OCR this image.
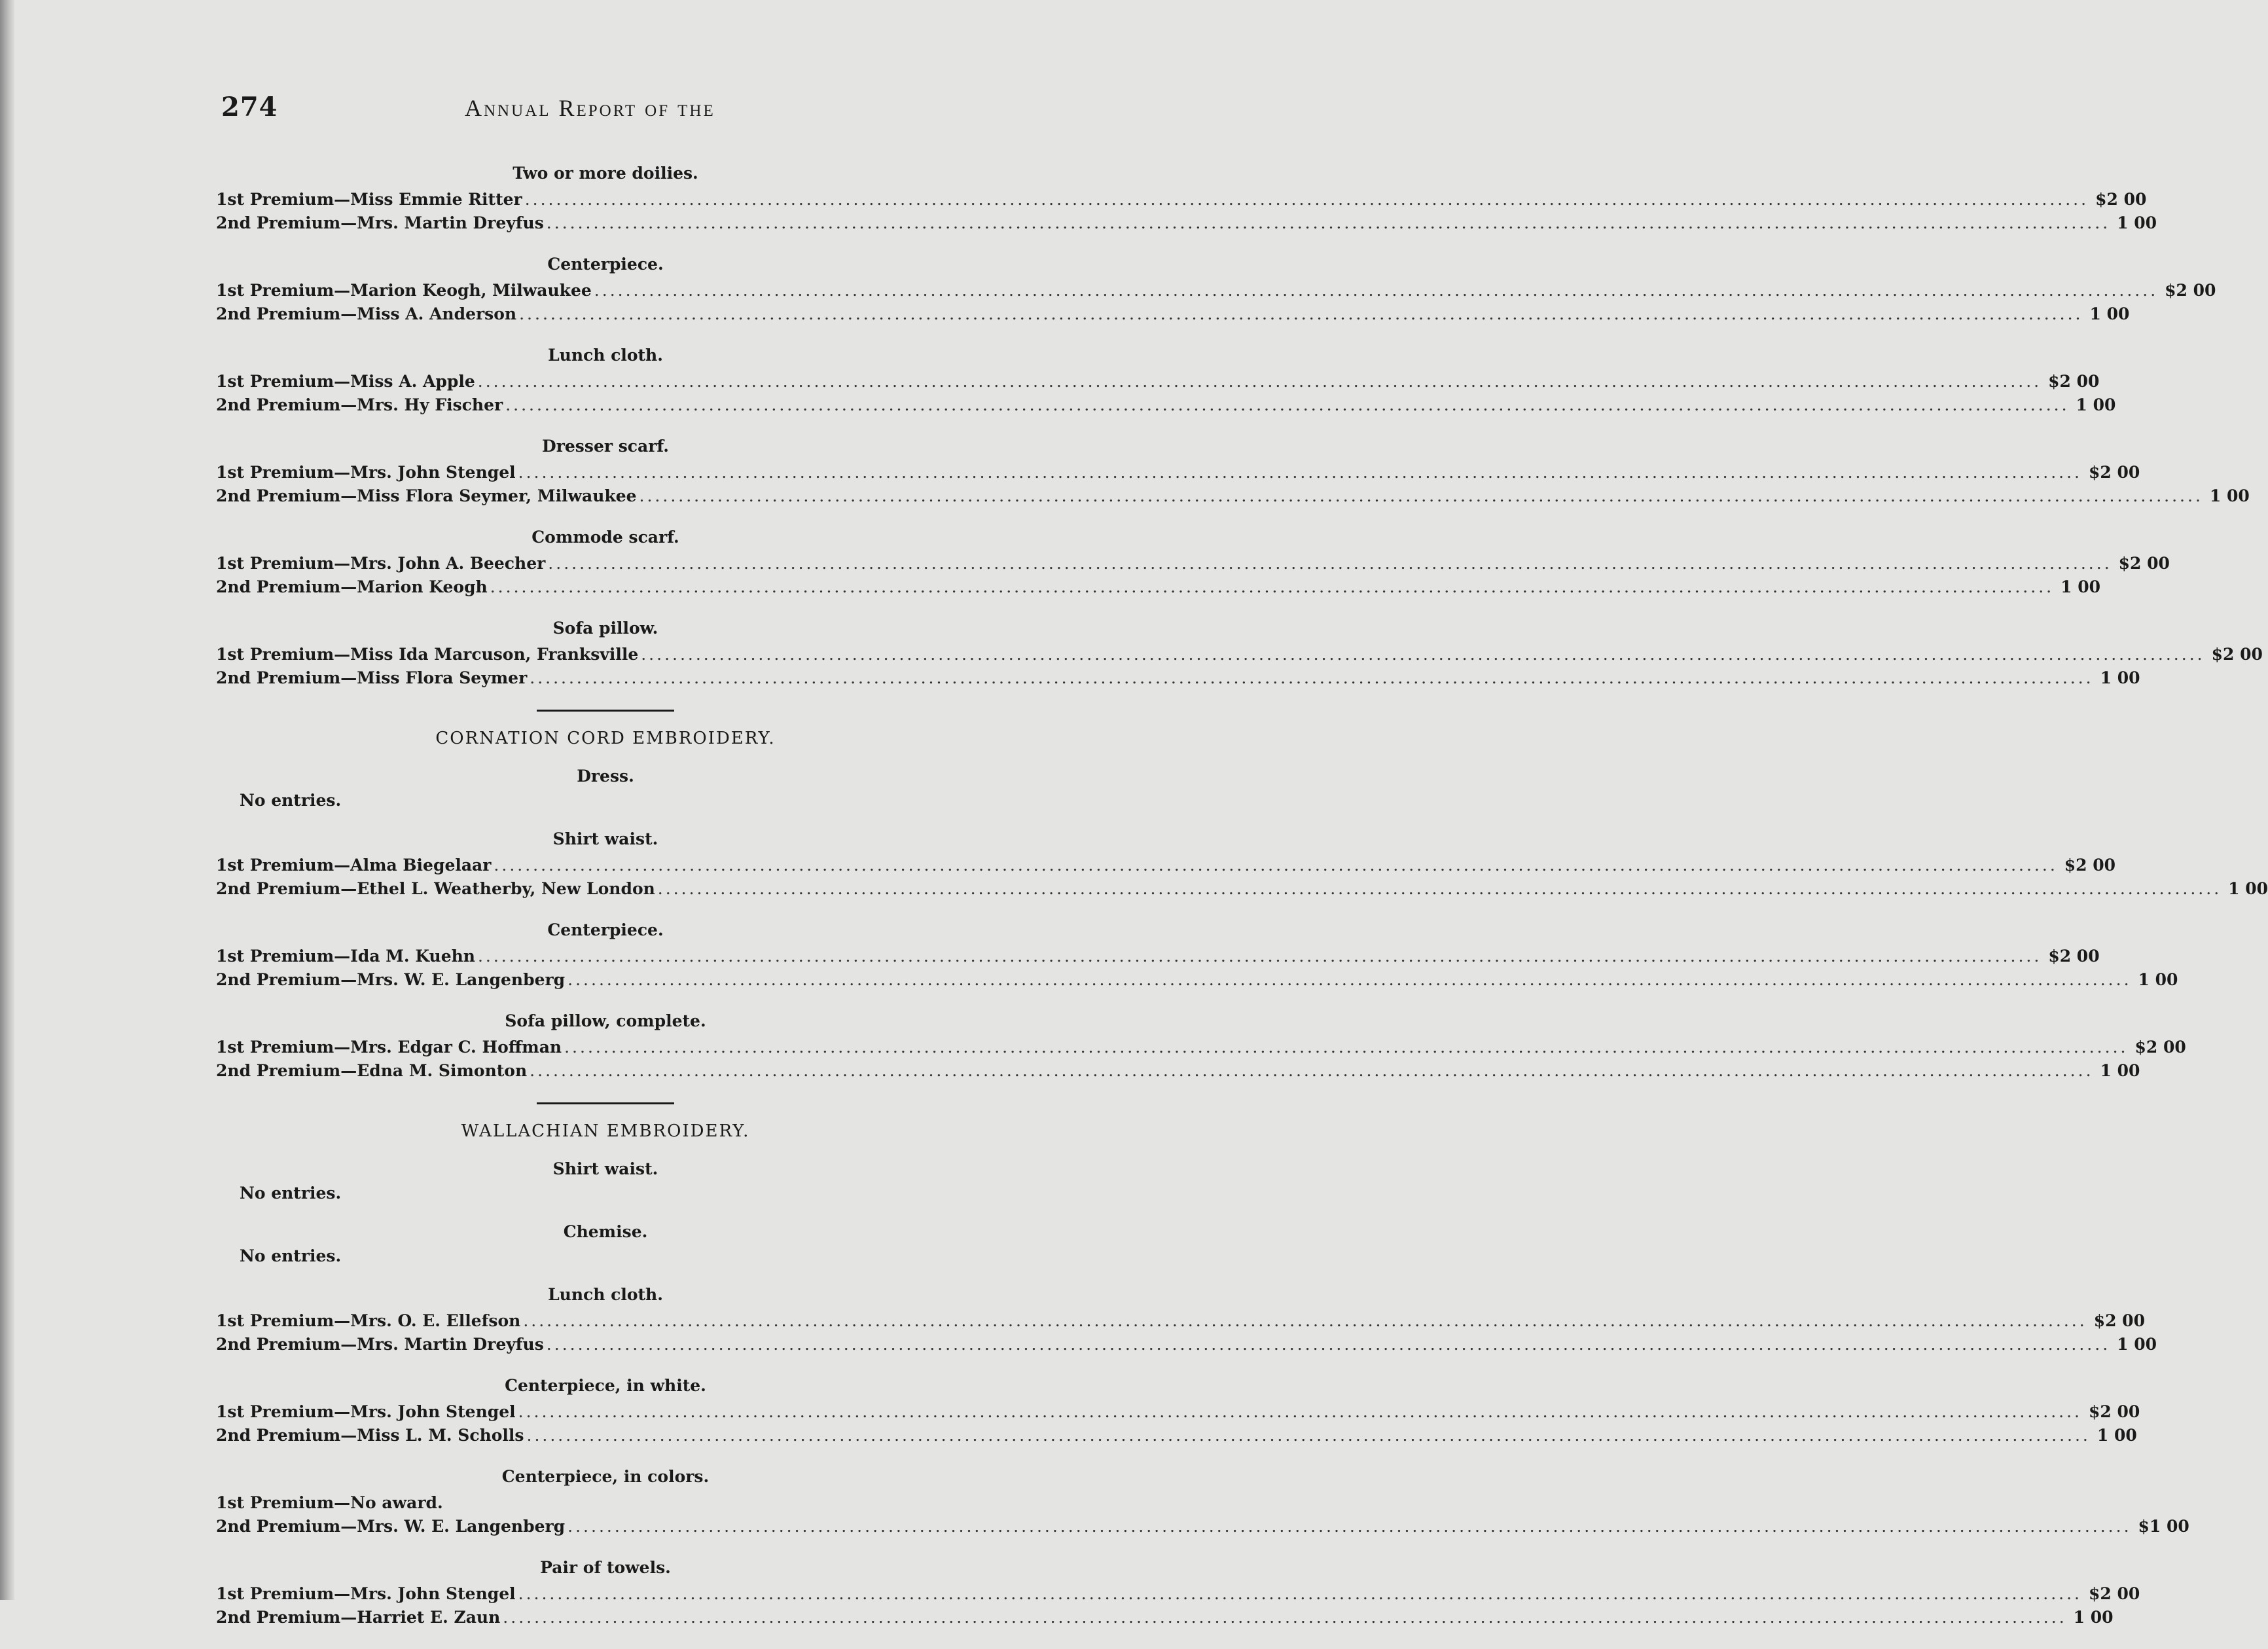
274	Annual Report of the
Two or more doilies.
1st Premium—Miss Emmie Ritter ........................................................................................................................................................................................................ $2 00
2nd Premium—Mrs. Martin Dreyfus ........................................................................................................................................................................................................ 1 00
Centerpiece.
1st Premium—Marion Keogh, Milwaukee ........................................................................................................................................................................................................ $2 00
2nd Premium—Miss A. Anderson ........................................................................................................................................................................................................ 1 00
Lunch cloth.
1st Premium—Miss A. Apple ........................................................................................................................................................................................................ $2 00
2nd Premium—Mrs. Hy Fischer ........................................................................................................................................................................................................ 1 00
Dresser scarf.
1st Premium—Mrs. John Stengel ........................................................................................................................................................................................................ $2 00
2nd Premium—Miss Flora Seymer, Milwaukee ........................................................................................................................................................................................................ 1 00
Commode scarf.
1st Premium—Mrs. John A. Beecher ........................................................................................................................................................................................................ $2 00
2nd Premium—Marion Keogh ........................................................................................................................................................................................................ 1 00
Sofa pillow.
1st Premium—Miss Ida Marcuson, Franksville ........................................................................................................................................................................................................ $2 00
2nd Premium—Miss Flora Seymer ........................................................................................................................................................................................................ 1 00
CORNATION CORD EMBROIDERY.
Dress.
No entries.
Shirt waist.
1st Premium—Alma Biegelaar ........................................................................................................................................................................................................ $2 00
2nd Premium—Ethel L. Weatherby, New London ........................................................................................................................................................................................................ 1 00
Centerpiece.
1st Premium—Ida M. Kuehn ........................................................................................................................................................................................................ $2 00
2nd Premium—Mrs. W. E. Langenberg ........................................................................................................................................................................................................ 1 00
Sofa pillow, complete.
1st Premium—Mrs. Edgar C. Hoffman ........................................................................................................................................................................................................ $2 00
2nd Premium—Edna M. Simonton ........................................................................................................................................................................................................ 1 00
WALLACHIAN EMBROIDERY.
Shirt waist.
No entries.
Chemise.
No entries.
Lunch cloth.
1st Premium—Mrs. O. E. Ellefson ........................................................................................................................................................................................................ $2 00
2nd Premium—Mrs. Martin Dreyfus ........................................................................................................................................................................................................ 1 00
Centerpiece, in white.
1st Premium—Mrs. John Stengel ........................................................................................................................................................................................................ $2 00
2nd Premium—Miss L. M. Scholls ........................................................................................................................................................................................................ 1 00
Centerpiece, in colors.
1st Premium—No award.
2nd Premium—Mrs. W. E. Langenberg ........................................................................................................................................................................................................ $1 00
Pair of towels.
1st Premium—Mrs. John Stengel ........................................................................................................................................................................................................ $2 00
2nd Premium—Harriet E. Zaun ........................................................................................................................................................................................................ 1 00
